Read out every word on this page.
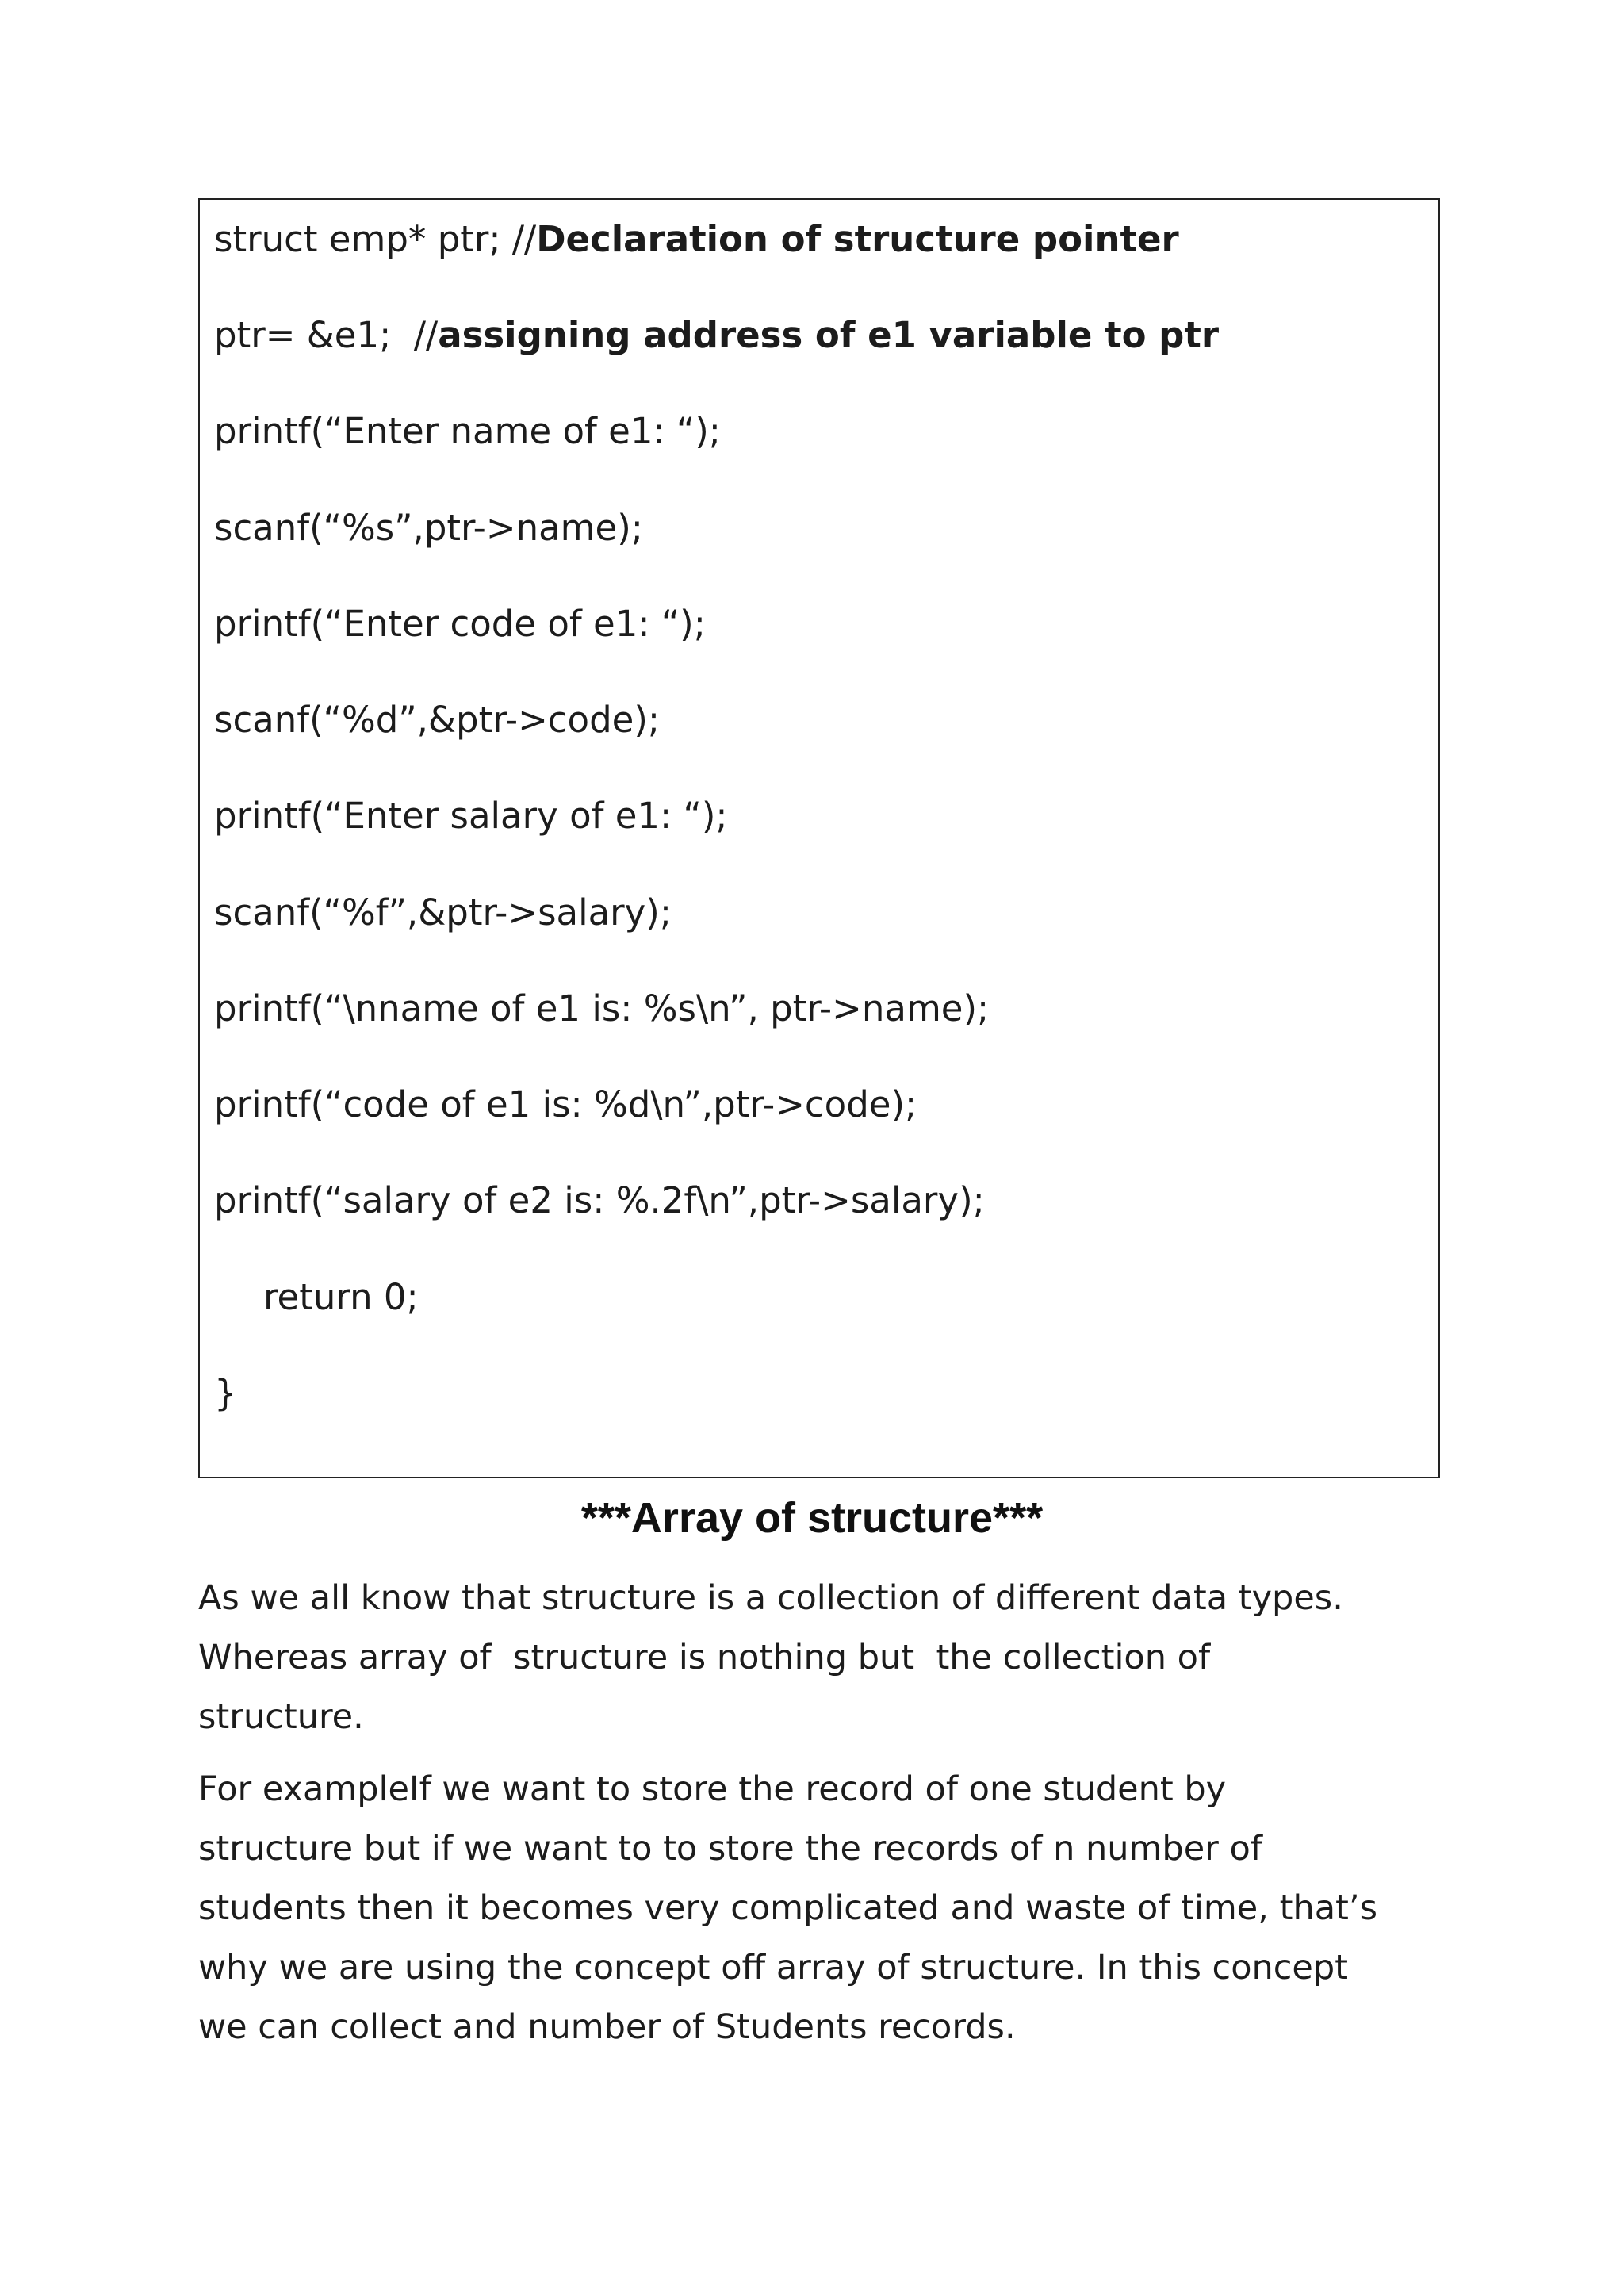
struct emp* ptr; //Declaration of structure pointer
ptr= &e1;  //assigning address of e1 variable to ptr
printf(“Enter name of e1: “);
scanf(“%s”,ptr->name);
printf(“Enter code of e1: “);
scanf(“%d”,&ptr->code);
printf(“Enter salary of e1: “);
scanf(“%f”,&ptr->salary);
printf(“\nname of e1 is: %s\n”, ptr->name);
printf(“code of e1 is: %d\n”,ptr->code);
printf(“salary of e2 is: %.2f\n”,ptr->salary);
return 0;
}
***Array of structure***
As we all know that structure is a collection of different data types.
Whereas array of  structure is nothing but  the collection of
structure.
For exampleIf we want to store the record of one student by
structure but if we want to to store the records of n number of
students then it becomes very complicated and waste of time, that’s
why we are using the concept off array of structure. In this concept
we can collect and number of Students records.
